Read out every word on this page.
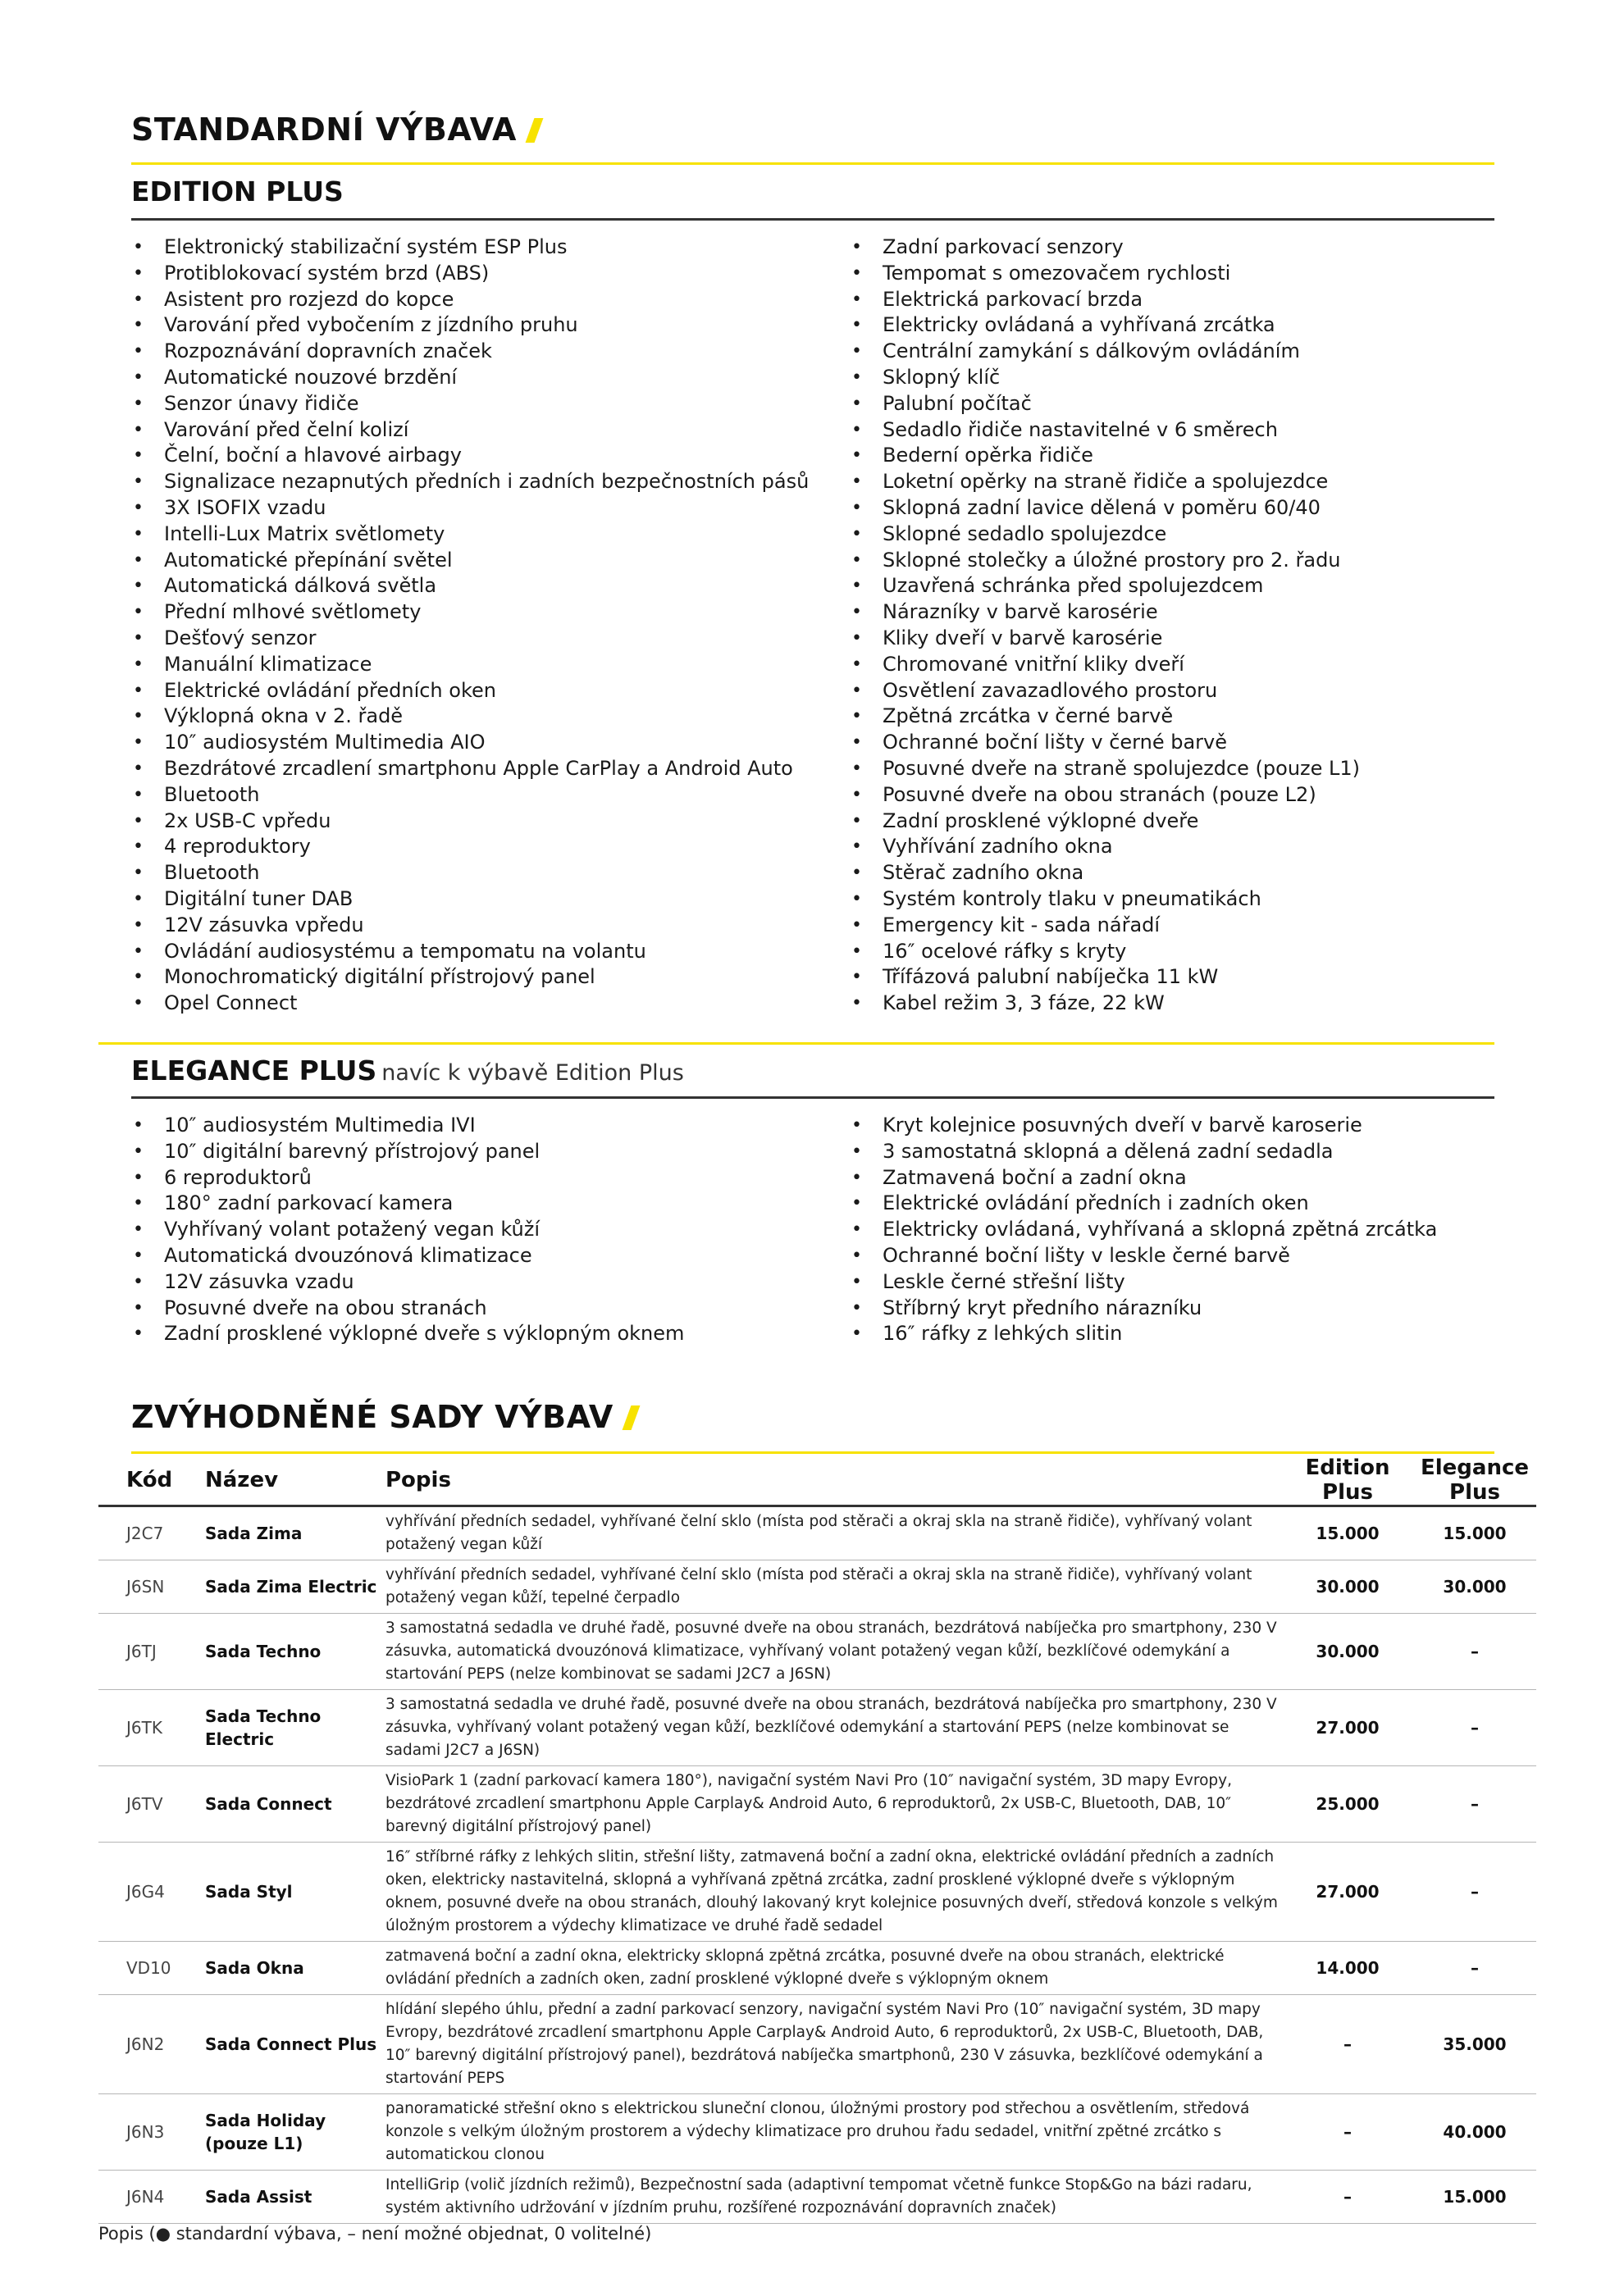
STANDARDNÍ VÝBAVA
EDITION PLUS
• Elektronický stabilizační systém ESP Plus
• Protiblokovací systém brzd (ABS)
• Asistent pro rozjezd do kopce
• Varování před vybočením z jízdního pruhu
• Rozpoznávání dopravních značek
• Automatické nouzové brzdění
• Senzor únavy řidiče
• Varování před čelní kolizí
• Čelní, boční a hlavové airbagy
• Signalizace nezapnutých předních i zadních bezpečnostních pásů
• 3X ISOFIX vzadu
• Intelli-Lux Matrix světlomety
• Automatické přepínání světel
• Automatická dálková světla
• Přední mlhové světlomety
• Dešťový senzor
• Manuální klimatizace
• Elektrické ovládání předních oken
• Výklopná okna v 2. řadě
• 10″ audiosystém Multimedia AIO
• Bezdrátové zrcadlení smartphonu Apple CarPlay a Android Auto
• Bluetooth
• 2x USB-C vpředu
• 4 reproduktory
• Bluetooth
• Digitální tuner DAB
• 12V zásuvka vpředu
• Ovládání audiosystému a tempomatu na volantu
• Monochromatický digitální přístrojový panel
• Opel Connect
• Zadní parkovací senzory
• Tempomat s omezovačem rychlosti
• Elektrická parkovací brzda
• Elektricky ovládaná a vyhřívaná zrcátka
• Centrální zamykání s dálkovým ovládáním
• Sklopný klíč
• Palubní počítač
• Sedadlo řidiče nastavitelné v 6 směrech
• Bederní opěrka řidiče
• Loketní opěrky na straně řidiče a spolujezdce
• Sklopná zadní lavice dělená v poměru 60/40
• Sklopné sedadlo spolujezdce
• Sklopné stolečky a úložné prostory pro 2. řadu
• Uzavřená schránka před spolujezdcem
• Nárazníky v barvě karosérie
• Kliky dveří v barvě karosérie
• Chromované vnitřní kliky dveří
• Osvětlení zavazadlového prostoru
• Zpětná zrcátka v černé barvě
• Ochranné boční lišty v černé barvě
• Posuvné dveře na straně spolujezdce (pouze L1)
• Posuvné dveře na obou stranách (pouze L2)
• Zadní prosklené výklopné dveře
• Vyhřívání zadního okna
• Stěrač zadního okna
• Systém kontroly tlaku v pneumatikách
• Emergency kit - sada nářadí
• 16″ ocelové ráfky s kryty
• Třífázová palubní nabíječka 11 kW
• Kabel režim 3, 3 fáze, 22 kW
ELEGANCE PLUS navíc k výbavě Edition Plus
• 10″ audiosystém Multimedia IVI
• 10″ digitální barevný přístrojový panel
• 6 reproduktorů
• 180° zadní parkovací kamera
• Vyhřívaný volant potažený vegan kůží
• Automatická dvouzónová klimatizace
• 12V zásuvka vzadu
• Posuvné dveře na obou stranách
• Zadní prosklené výklopné dveře s výklopným oknem
• Kryt kolejnice posuvných dveří v barvě karoserie
• 3 samostatná sklopná a dělená zadní sedadla
• Zatmavená boční a zadní okna
• Elektrické ovládání předních i zadních oken
• Elektricky ovládaná, vyhřívaná a sklopná zpětná zrcátka
• Ochranné boční lišty v leskle černé barvě
• Leskle černé střešní lišty
• Stříbrný kryt předního nárazníku
• 16″ ráfky z lehkých slitin
ZVÝHODNĚNÉ SADY VÝBAV
Kód	Název	Popis	Edition Plus	Elegance Plus
J2C7	Sada Zima	vyhřívání předních sedadel, vyhřívané čelní sklo (místa pod stěrači a okraj skla na straně řidiče), vyhřívaný volant potažený vegan kůží	15.000	15.000
J6SN	Sada Zima Electric	vyhřívání předních sedadel, vyhřívané čelní sklo (místa pod stěrači a okraj skla na straně řidiče), vyhřívaný volant potažený vegan kůží, tepelné čerpadlo	30.000	30.000
J6TJ	Sada Techno	3 samostatná sedadla ve druhé řadě, posuvné dveře na obou stranách, bezdrátová nabíječka pro smartphony, 230 V zásuvka, automatická dvouzónová klimatizace, vyhřívaný volant potažený vegan kůží, bezklíčové odemykání a startování PEPS (nelze kombinovat se sadami J2C7 a J6SN)	30.000	–
J6TK	Sada Techno Electric	3 samostatná sedadla ve druhé řadě, posuvné dveře na obou stranách, bezdrátová nabíječka pro smartphony, 230 V zásuvka, vyhřívaný volant potažený vegan kůží, bezklíčové odemykání a startování PEPS (nelze kombinovat se sadami J2C7 a J6SN)	27.000	–
J6TV	Sada Connect	VisioPark 1 (zadní parkovací kamera 180°), navigační systém Navi Pro (10″ navigační systém, 3D mapy Evropy, bezdrátové zrcadlení smartphonu Apple Carplay& Android Auto, 6 reproduktorů, 2x USB-C, Bluetooth, DAB, 10″ barevný digitální přístrojový panel)	25.000	–
J6G4	Sada Styl	16″ stříbrné ráfky z lehkých slitin, střešní lišty, zatmavená boční a zadní okna, elektrické ovládání předních a zadních oken, elektricky nastavitelná, sklopná a vyhřívaná zpětná zrcátka, zadní prosklené výklopné dveře s výklopným oknem, posuvné dveře na obou stranách, dlouhý lakovaný kryt kolejnice posuvných dveří, středová konzole s velkým úložným prostorem a výdechy klimatizace ve druhé řadě sedadel	27.000	–
VD10	Sada Okna	zatmavená boční a zadní okna, elektricky sklopná zpětná zrcátka, posuvné dveře na obou stranách, elektrické ovládání předních a zadních oken, zadní prosklené výklopné dveře s výklopným oknem	14.000	–
J6N2	Sada Connect Plus	hlídání slepého úhlu, přední a zadní parkovací senzory, navigační systém Navi Pro (10″ navigační systém, 3D mapy Evropy, bezdrátové zrcadlení smartphonu Apple Carplay& Android Auto, 6 reproduktorů, 2x USB-C, Bluetooth, DAB, 10″ barevný digitální přístrojový panel), bezdrátová nabíječka smartphonů, 230 V zásuvka, bezklíčové odemykání a startování PEPS	–	35.000
J6N3	Sada Holiday (pouze L1)	panoramatické střešní okno s elektrickou sluneční clonou, úložnými prostory pod střechou a osvětlením, středová konzole s velkým úložným prostorem a výdechy klimatizace pro druhou řadu sedadel, vnitřní zpětné zrcátko s automatickou clonou	–	40.000
J6N4	Sada Assist	IntelliGrip (volič jízdních režimů), Bezpečnostní sada (adaptivní tempomat včetně funkce Stop&Go na bázi radaru, systém aktivního udržování v jízdním pruhu, rozšířené rozpoznávání dopravních značek)	–	15.000
Popis (● standardní výbava, – není možné objednat, 0 volitelné)
